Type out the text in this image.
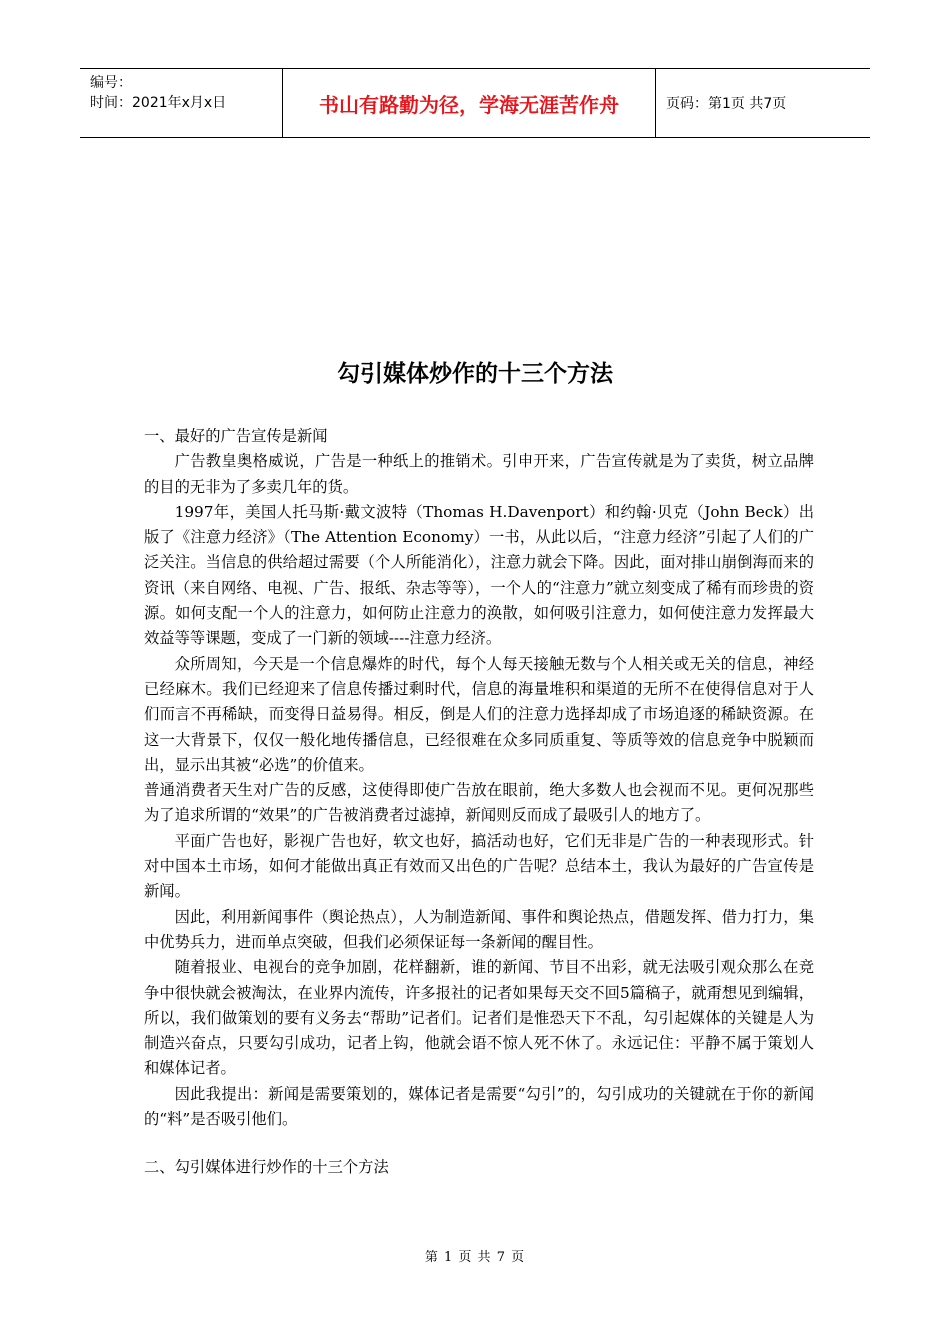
编号：
时间：2021年x月x日	书山有路勤为径，学海无涯苦作舟	页码：第1页 共7页
勾引媒体炒作的十三个方法

一、最好的广告宣传是新闻

广告教皇奥格威说，广告是一种纸上的推销术。引申开来，广告宣传就是为了卖货，树立品牌的目的无非为了多卖几年的货。

1997年，美国人托马斯·戴文波特（Thomas H.Davenport）和约翰·贝克（John Beck）出版了《注意力经济》（The Attention Economy）一书，从此以后，“注意力经济”引起了人们的广泛关注。当信息的供给超过需要（个人所能消化），注意力就会下降。因此，面对排山崩倒海而来的资讯（来自网络、电视、广告、报纸、杂志等等），一个人的“注意力”就立刻变成了稀有而珍贵的资源。如何支配一个人的注意力，如何防止注意力的涣散，如何吸引注意力，如何使注意力发挥最大效益等等课题，变成了一门新的领域----注意力经济。

众所周知，今天是一个信息爆炸的时代，每个人每天接触无数与个人相关或无关的信息，神经已经麻木。我们已经迎来了信息传播过剩时代，信息的海量堆积和渠道的无所不在使得信息对于人们而言不再稀缺，而变得日益易得。相反，倒是人们的注意力选择却成了市场追逐的稀缺资源。在这一大背景下，仅仅一般化地传播信息，已经很难在众多同质重复、等质等效的信息竞争中脱颖而出，显示出其被“必选”的价值来。

普通消费者天生对广告的反感，这使得即使广告放在眼前，绝大多数人也会视而不见。更何况那些为了追求所谓的“效果”的广告被消费者过滤掉，新闻则反而成了最吸引人的地方了。

平面广告也好，影视广告也好，软文也好，搞活动也好，它们无非是广告的一种表现形式。针对中国本土市场，如何才能做出真正有效而又出色的广告呢？总结本土，我认为最好的广告宣传是新闻。

因此，利用新闻事件（舆论热点），人为制造新闻、事件和舆论热点，借题发挥、借力打力，集中优势兵力，进而单点突破，但我们必须保证每一条新闻的醒目性。

随着报业、电视台的竞争加剧，花样翻新，谁的新闻、节目不出彩，就无法吸引观众那么在竞争中很快就会被淘汰，在业界内流传，许多报社的记者如果每天交不回5篇稿子，就甭想见到编辑，所以，我们做策划的要有义务去“帮助”记者们。记者们是惟恐天下不乱，勾引起媒体的关键是人为制造兴奋点，只要勾引成功，记者上钩，他就会语不惊人死不休了。永远记住：平静不属于策划人和媒体记者。

因此我提出：新闻是需要策划的，媒体记者是需要“勾引”的，勾引成功的关键就在于你的新闻的“料”是否吸引他们。

二、勾引媒体进行炒作的十三个方法

第 1 页 共 7 页
